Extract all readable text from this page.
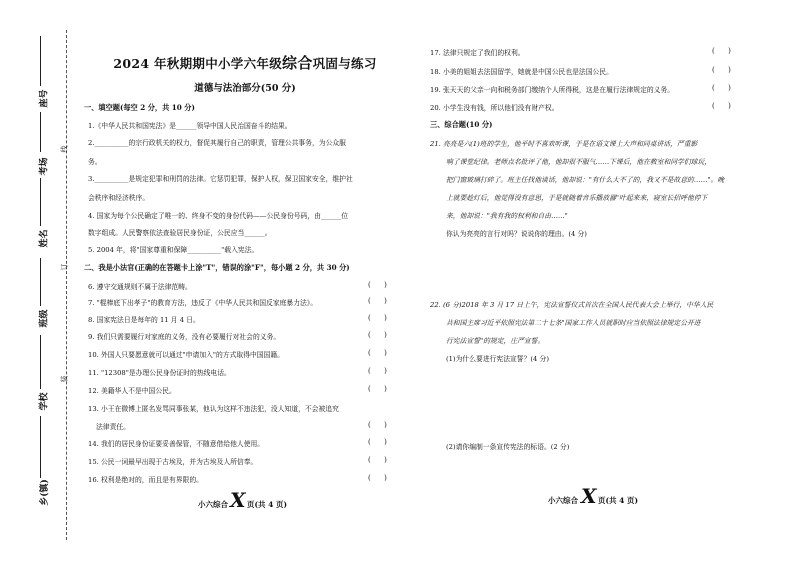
座号
考场
姓名
班级
学校
乡(镇)
线
订
装
2024 年秋期期中小学六年级综合巩固与练习
道德与法治部分(50 分)
一、填空题(每空 2 分，共 10 分)
1.《中华人民共和国宪法》是______领导中国人民治国奋斗的结果。
2.__________的宗行政机关的权力，督促其履行自己的职责，管理公共事务，为公众服
务。
3.__________是规定犯罪和刑罚的法律。它惩罚犯罪，保护人权，保卫国家安全，维护社
会秩序和经济秩序。
4. 国家为每个公民确定了唯一的、终身不变的身份代码——公民身份号码，由______位
数字组成。人民警察依法查验居民身份证，公民应当______。
5. 2004 年，将"国家尊重和保障__________"载入宪法。
二、我是小法官(正确的在答题卡上涂"T"，错误的涂"F"，每小题 2 分，共 30 分)
6. 遵守交通规则不属于法律范畴。	(      )
7. "棍棒底下出孝子"的教育方法，违反了《中华人民共和国反家庭暴力法》。	(      )
8. 国家宪法日是每年的 11 月 4 日。	(      )
9. 我们只需要履行对家庭的义务，没有必要履行对社会的义务。	(      )
10. 外国人只要愿意就可以通过"申请加入"的方式取得中国国籍。	(      )
11. "12308"是办理公民身份证时的热线电话。	(      )
12. 美籍华人不是中国公民。	(      )
13. 小王在微博上匿名发骂同事张某，他认为这样不违法犯，没人知道，不会被追究
法律责任。	(      )
14. 我们的居民身份证要妥善保管，不随意借给他人使用。	(      )
15. 公民一词最早出现于古埃及，并为古埃及人所信奉。	(      )
16. 权利是绝对的，而且是有界限的。	(      )
小六综合 X 页(共 4 页)
17. 法律只规定了我们的权利。	(      )
18. 小美的姐姐去法国留学，她就是中国公民也是法国公民。	(      )
19. 张天天的父亲一向和税务部门缴纳个人所得税，这是在履行法律规定的义务。	(      )
20. 小学生没有钱，所以他们没有财产权。	(      )
三、综合题(10 分)
21. 亮亮是六(1)班的学生，他平时不喜欢听课，于是在语文课上大声和同桌讲话，严重影
响了课堂纪律。老师点名批评了他，他却很不服气……下课后，他在教室和同学们球玩，
把门窗玻璃打碎了。班主任找他谈话，他却说："有什么大不了的，我又不是故意的……"。晚
上就要趁灯后，他觉得没有意思，于是就随着音乐播放器"叶起来来，寝室长招呼他停下
来，他却说："我有我的权利和自由……"
你认为亮亮的言行对吗？说说你的理由。(4 分)
22. (6 分)2018 年 3 月 17 日上午，宪法宣誓仪式首次在全国人民代表大会上举行，中华人民
共和国主席习近平依照宪法第二十七条"国家工作人员就职时应当依照法律规定公开进
行宪法宣誓"的规定，庄严宣誓。
(1)为什么要进行宪法宣誓？(4 分)
(2)请你编制一条宣传宪法的标语。(2 分)
小六综合 X 页(共 4 页)
